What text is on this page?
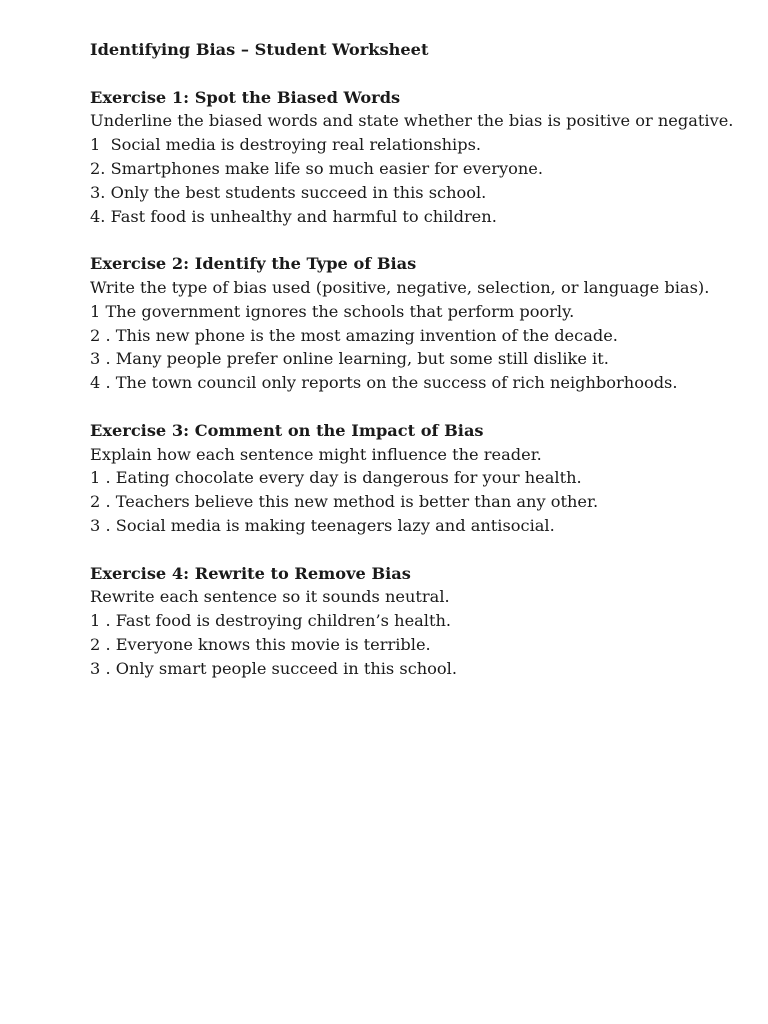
Identifying Bias – Student Worksheet
Exercise 1: Spot the Biased Words
Underline the biased words and state whether the bias is positive or negative.
1  Social media is destroying real relationships.
2. Smartphones make life so much easier for everyone.
3. Only the best students succeed in this school.
4. Fast food is unhealthy and harmful to children.
Exercise 2: Identify the Type of Bias
Write the type of bias used (positive, negative, selection, or language bias).
1 The government ignores the schools that perform poorly.
2 . This new phone is the most amazing invention of the decade.
3 . Many people prefer online learning, but some still dislike it.
4 . The town council only reports on the success of rich neighborhoods.
Exercise 3: Comment on the Impact of Bias
Explain how each sentence might influence the reader.
1 . Eating chocolate every day is dangerous for your health.
2 . Teachers believe this new method is better than any other.
3 . Social media is making teenagers lazy and antisocial.
Exercise 4: Rewrite to Remove Bias
Rewrite each sentence so it sounds neutral.
1 . Fast food is destroying children’s health.
2 . Everyone knows this movie is terrible.
3 . Only smart people succeed in this school.
